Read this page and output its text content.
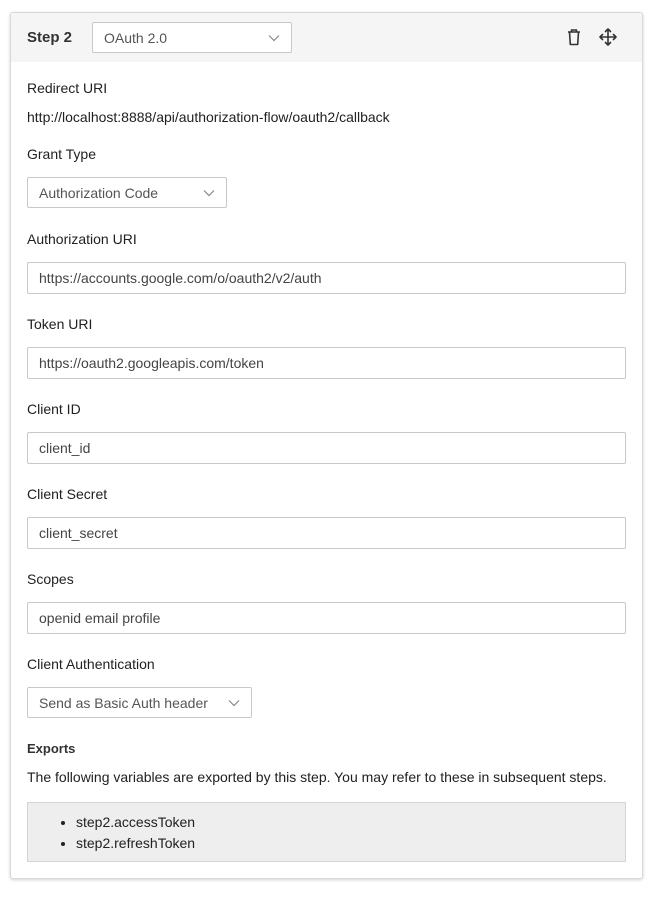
Step 2 OAuth 2.0
Redirect URI
http://localhost:8888/api/authorization-flow/oauth2/callback
Grant Type
Authorization Code
Authorization URI
https://accounts.google.com/o/oauth2/v2/auth
Token URI
https://oauth2.googleapis.com/token
Client ID
client_id
Client Secret
client_secret
Scopes
openid email profile
Client Authentication
Send as Basic Auth header
Exports
The following variables are exported by this step. You may refer to these in subsequent steps.
• step2.accessToken
• step2.refreshToken
